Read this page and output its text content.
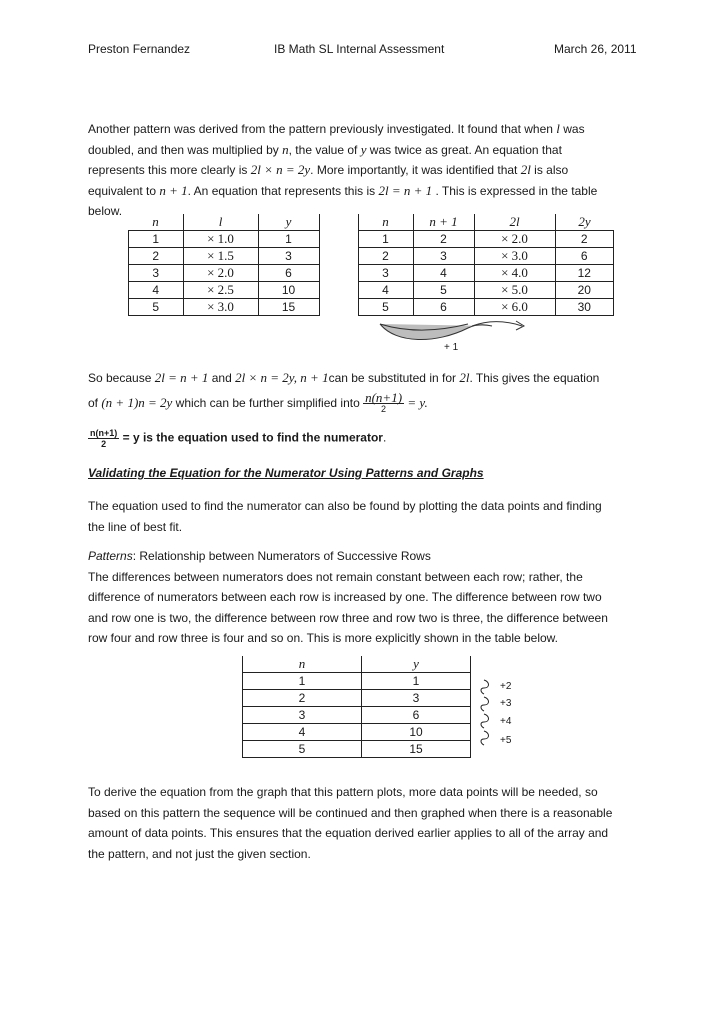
Preston Fernandez	IB Math SL Internal Assessment	March 26, 2011
Another pattern was derived from the pattern previously investigated. It found that when l was
doubled, and then was multiplied by n, the value of y was twice as great. An equation that
represents this more clearly is 2l × n = 2y. More importantly, it was identified that 2l is also
equivalent to n + 1. An equation that represents this is 2l = n + 1 . This is expressed in the table
below.
n	l	y		n	n + 1	2l	2y
1	× 1.0	1		1	2	× 2.0	2
2	× 1.5	3		2	3	× 3.0	6
3	× 2.0	6		3	4	× 4.0	12
4	× 2.5	10		4	5	× 5.0	20
5	× 3.0	15		5	6	× 6.0	30
+ 1
So because 2l = n + 1 and 2l × n = 2y, n + 1can be substituted in for 2l. This gives the equation
of (n + 1)n = 2y which can be further simplified into $\frac{n(n+1)}{2} = y$.
$\frac{n(n+1)}{2} = y$ is the equation used to find the numerator.
Validating the Equation for the Numerator Using Patterns and Graphs
The equation used to find the numerator can also be found by plotting the data points and finding
the line of best fit.
Patterns: Relationship between Numerators of Successive Rows
The differences between numerators does not remain constant between each row; rather, the
difference of numerators between each row is increased by one. The difference between row two
and row one is two, the difference between row three and row two is three, the difference between
row four and row three is four and so on. This is more explicitly shown in the table below.
n	y
1	1
2	3
3	6
4	10
5	15
+2
+3
+4
+5
To derive the equation from the graph that this pattern plots, more data points will be needed, so
based on this pattern the sequence will be continued and then graphed when there is a reasonable
amount of data points. This ensures that the equation derived earlier applies to all of the array and
the pattern, and not just the given section.
